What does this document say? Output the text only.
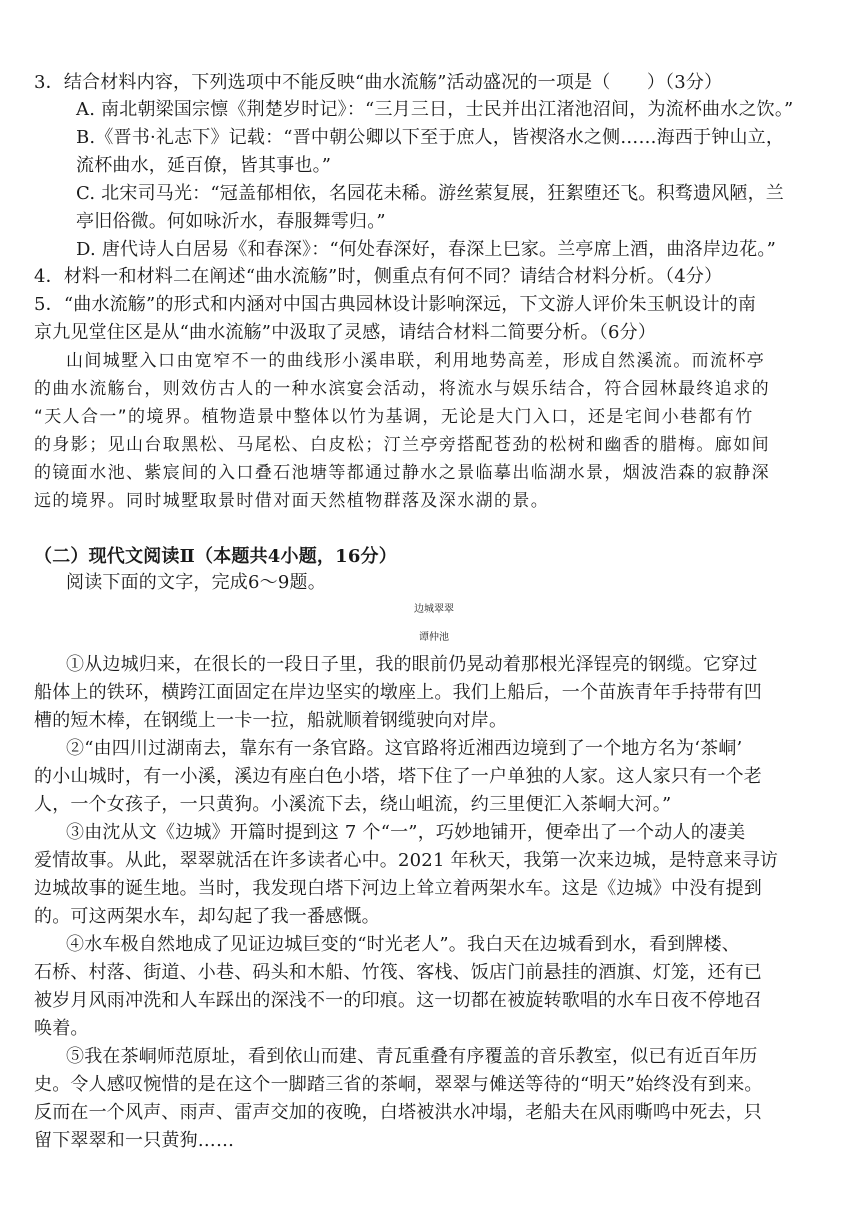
3．结合材料内容，下列选项中不能反映“曲水流觞”活动盛况的一项是（　　）（3分）
A. 南北朝梁国宗懔《荆楚岁时记》：“三月三日，士民并出江渚池沼间，为流杯曲水之饮。”
B.《晋书·礼志下》记载：“晋中朝公卿以下至于庶人，皆禊洛水之侧……海西于钟山立，
流杯曲水，延百僚，皆其事也。”
C. 北宋司马光：“冠盖郁相依，名园花未稀。游丝萦复展，狂絮堕还飞。积骛遗风陋，兰
亭旧俗微。何如咏沂水，春服舞雩归。”
D. 唐代诗人白居易《和春深》：“何处春深好，春深上巳家。兰亭席上酒，曲洛岸边花。”
4．材料一和材料二在阐述“曲水流觞”时，侧重点有何不同？请结合材料分析。（4分）
5．“曲水流觞”的形式和内涵对中国古典园林设计影响深远，下文游人评价朱玉帆设计的南
京九见堂住区是从“曲水流觞”中汲取了灵感，请结合材料二简要分析。（6分）
山间城墅入口由宽窄不一的曲线形小溪串联，利用地势高差，形成自然溪流。而流杯亭
的曲水流觞台，则效仿古人的一种水滨宴会活动，将流水与娱乐结合，符合园林最终追求的
“天人合一”的境界。植物造景中整体以竹为基调，无论是大门入口，还是宅间小巷都有竹
的身影；见山台取黑松、马尾松、白皮松；汀兰亭旁搭配苍劲的松树和幽香的腊梅。廊如间
的镜面水池、紫宸间的入口叠石池塘等都通过静水之景临摹出临湖水景，烟波浩森的寂静深
远的境界。同时城墅取景时借对面天然植物群落及深水湖的景。
（二）现代文阅读Ⅱ（本题共4小题，16分）
阅读下面的文字，完成6～9题。
边城翠翠
谭仲池
①从边城归来，在很长的一段日子里，我的眼前仍晃动着那根光泽锃亮的钢缆。它穿过
船体上的铁环，横跨江面固定在岸边坚实的墩座上。我们上船后，一个苗族青年手持带有凹
槽的短木棒，在钢缆上一卡一拉，船就顺着钢缆驶向对岸。
②“由四川过湖南去，靠东有一条官路。这官路将近湘西边境到了一个地方名为‘茶峒’
的小山城时，有一小溪，溪边有座白色小塔，塔下住了一户单独的人家。这人家只有一个老
人，一个女孩子，一只黄狗。小溪流下去，绕山岨流，约三里便汇入茶峒大河。”
③由沈从文《边城》开篇时提到这 7 个“一”，巧妙地铺开，便牵出了一个动人的凄美
爱情故事。从此，翠翠就活在许多读者心中。2021 年秋天，我第一次来边城，是特意来寻访
边城故事的诞生地。当时，我发现白塔下河边上耸立着两架水车。这是《边城》中没有提到
的。可这两架水车，却勾起了我一番感慨。
④水车极自然地成了见证边城巨变的“时光老人”。我白天在边城看到水，看到牌楼、
石桥、村落、街道、小巷、码头和木船、竹筏、客栈、饭店门前悬挂的酒旗、灯笼，还有已
被岁月风雨冲洗和人车踩出的深浅不一的印痕。这一切都在被旋转歌唱的水车日夜不停地召
唤着。
⑤我在茶峒师范原址，看到依山而建、青瓦重叠有序覆盖的音乐教室，似已有近百年历
史。令人感叹惋惜的是在这个一脚踏三省的茶峒，翠翠与傩送等待的“明天”始终没有到来。
反而在一个风声、雨声、雷声交加的夜晚，白塔被洪水冲塌，老船夫在风雨嘶鸣中死去，只
留下翠翠和一只黄狗……
